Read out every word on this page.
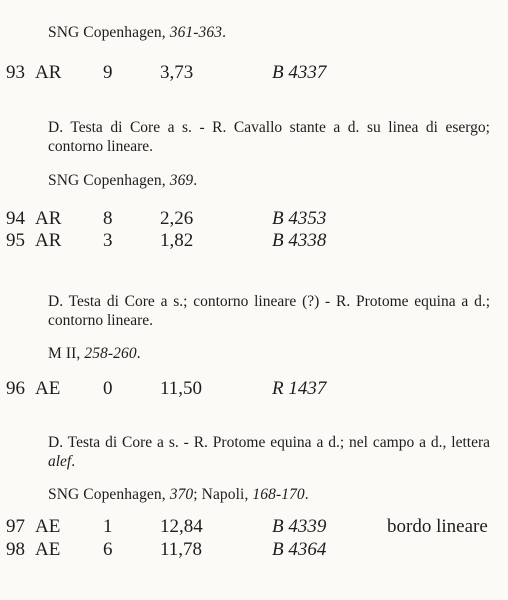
SNG Copenhagen, 361-363.
93 AR 9	3,73	B 4337
D. Testa di Core a s. - R. Cavallo stante a d. su linea di esergo; contorno lineare.
SNG Copenhagen, 369.
94 AR 8	2,26	B 4353
95 AR 3	1,82	B 4338
D. Testa di Core a s.; contorno lineare (?) - R. Protome equina a d.; contorno lineare.
M II, 258-260.
96 AE 0	11,50	R 1437
D. Testa di Core a s. - R. Protome equina a d.; nel campo a d., lettera alef.
SNG Copenhagen, 370; Napoli, 168-170.
97 AE 1	12,84	B 4339	bordo lineare
98 AE 6	11,78	B 4364
